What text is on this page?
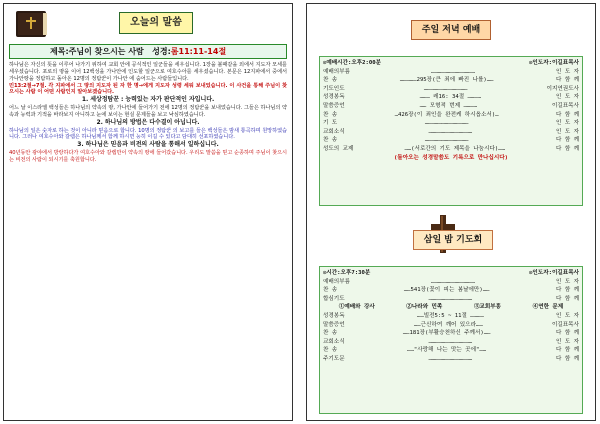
오늘의 말씀
제목:주님이 찾으시는 사람 성경:롬11:11-14절

하나님은 자신의 뜻을 이루어 나가기 위하여 교회 안에 공식적인 일군들을 세우십니다. 1장을 볼때같을 외에서 지도자 모세를 세우셨습니다. 포로의 땅을 이어 12백성을 가나안에 인도할 일군으로 여호수아를 세우셨습니다. 본문은 12지파에서 중에서 가나안땅을 정탐하고 돌아온 12명의 정탐꾼이 가나안 에 숨어드는 사람들입니다.

민13:2절→7절. 각 지파에서 그 땅의 지도자 된 자 한 명→에게 지도자 성령 세워 보내었습니다. 이 사건을 통해 주님이 찾으시는 사람 이 어떤 사람인지 알아보겠습니다.

1. 세상정탐꾼 : 능력있는 자가 판단적인 자입니다.

어느 날 이스라엘 백성들은 하나님의 약속의 땅, 가나안에 들어가기 전에 12명의 정탐꾼을 보내었습니다. 그들은 하나님의 약속과 능력과 기적을 바라보지 아니하고 눈에 보이는 현실 문제들을 보고 낙심하였습니다.

2. 하나님의 방법은 다수결이 아닙니다.

하나님의 일은 숫자로 하는 것이 아니라 믿음으로 합니다. 10명의 정탐꾼 의 보고를 들은 백성들은 밤새 통곡하며 원망하였습니다. 그러나 여호수아와 갈렙은 하나님께서 함께 하시면 능히 이길 수 있다고 담대히 선포하였습니다.

3. 하나님은 믿음과 비전의 사람을 통해서 일하십니다.

40년동안 광야에서 방랑하다가 여호수아와 갈렙만이 약속의 땅에 들어갔습니다. 우리도 말씀을 믿고 순종하며 주님이 찾으시는 비전의 사람이 되시기를 축원합니다.

주일 저녁 예배
◎예배시간:오후2:00분	◎인도자:이길표목사
예배의부름	…………………………………	인 도 자
찬 송	……………295장(큰 죄에 빠진 나를)……	다 함 께
기도인도	…………………………………	이지연권도사
성경봉독	……… 레16: 34절 …………	인 도 자
말씀증언	…… 모형적 번제 …………	이길표목사
찬 송	…426장(이 죄인을 완전케 하시옵소서)…	다 함 께
기 도	…………………………………	인 도 자
교회소식	…………………………………	인 도 자
찬 송	…………………………………	다 함 께
성도의 교제	……(서로간의 기도 제목을 나눔시다)……	다 함 께
(돌아오는 성경말씀도 기록으로 만나십시다)
삼일 밤 기도회
◎시간:오후7:30분	◎인도자:이길표목사
예배의부름	…………………………………	인 도 자
찬 송	……541장(꽃이 피는 봄날에만)……	다 함 께
합심기도	…………………………………	다 함 께
①예배와 강사	②나라와 민족	③교회부흥	④연한 문제
성경봉독	……빌전5:5 ~ 11절 …………	인 도 자
말씀증언	……근신하여 깨어 있으라……	이길표목사
찬 송	……181장(부활승천하신 주께서)……	다 함 께
교회소식	…………………………………	인 도 자
찬 송	……"사랑해 나는 맛는 곳에"……	다 함 께
주기도문	…………………………………	다 함 께
